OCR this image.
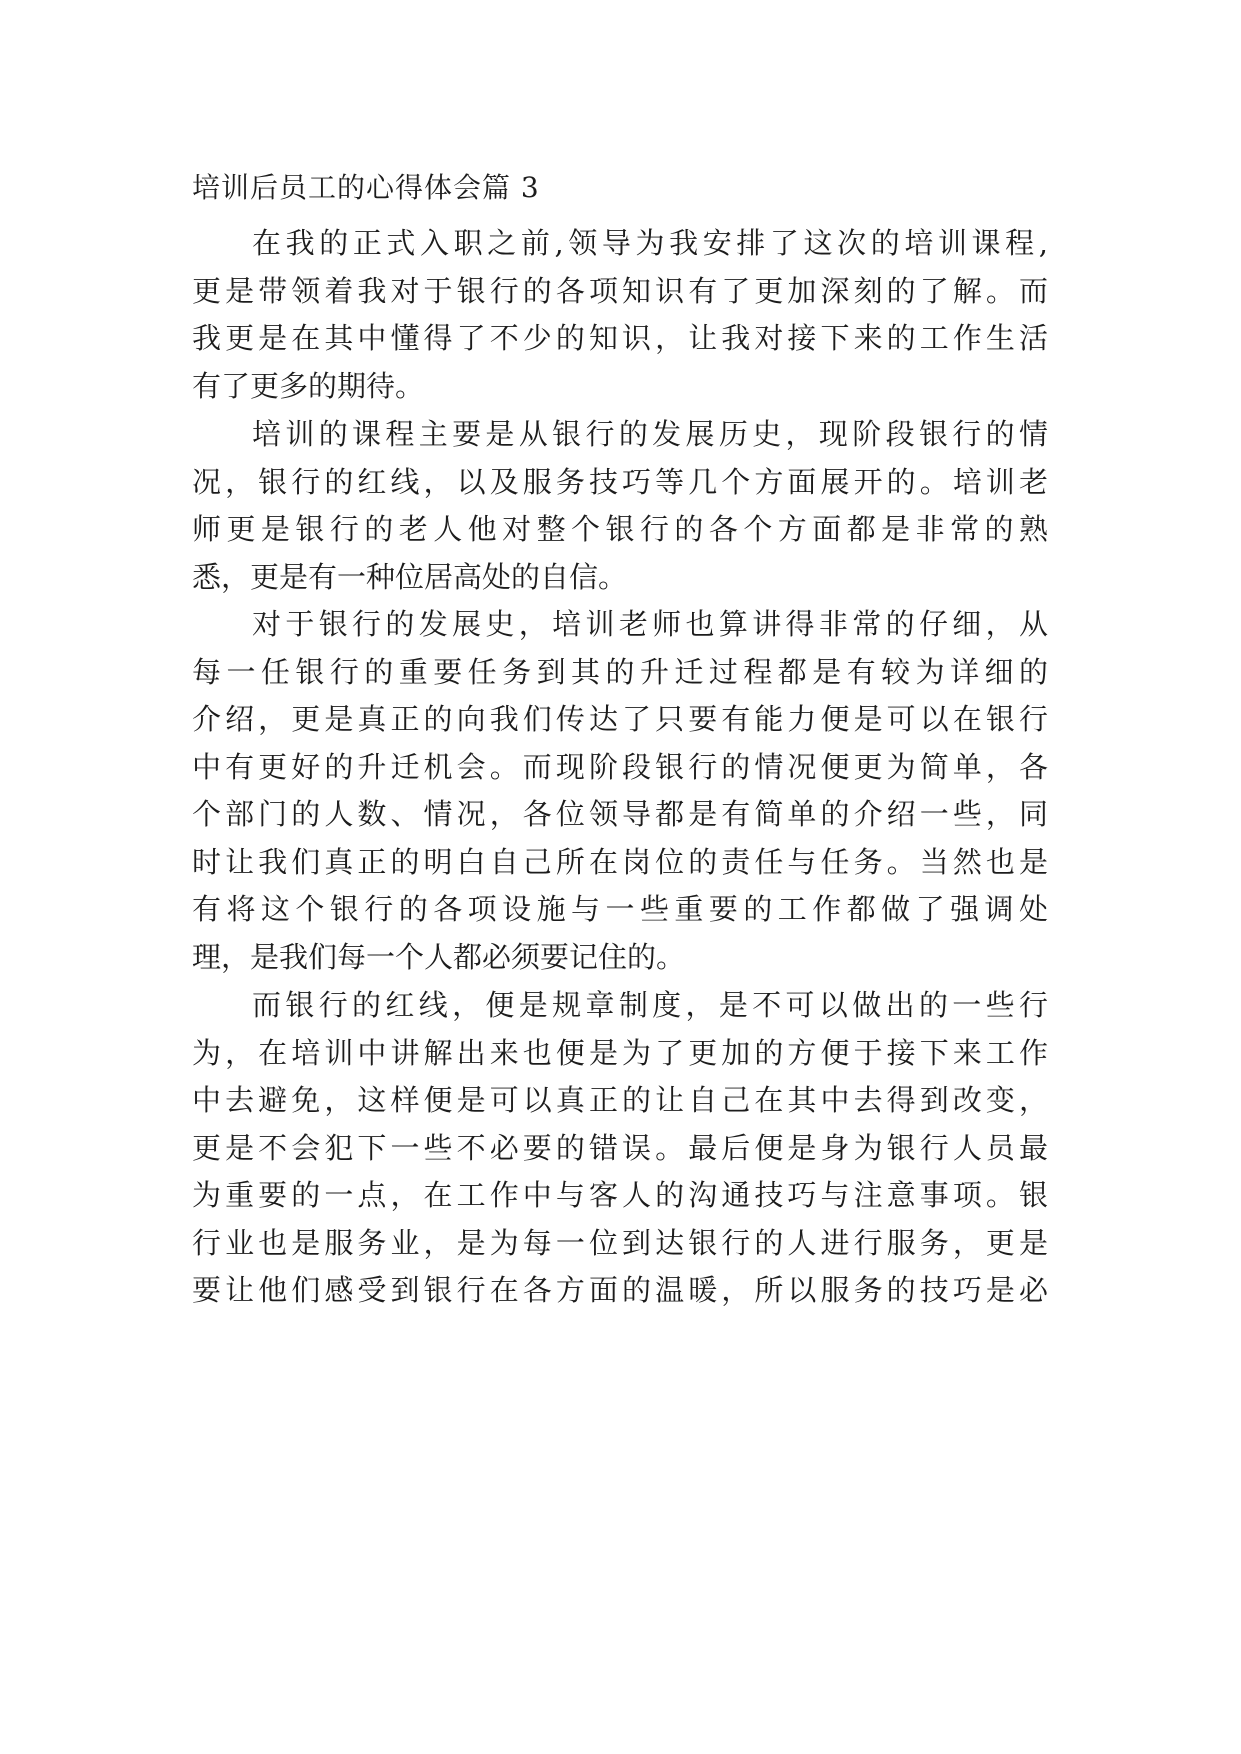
培训后员工的心得体会篇 3
在我的正式入职之前,领导为我安排了这次的培训课程,
更是带领着我对于银行的各项知识有了更加深刻的了解。而
我更是在其中懂得了不少的知识，让我对接下来的工作生活
有了更多的期待。
培训的课程主要是从银行的发展历史，现阶段银行的情
况，银行的红线，以及服务技巧等几个方面展开的。培训老
师更是银行的老人他对整个银行的各个方面都是非常的熟
悉，更是有一种位居高处的自信。
对于银行的发展史，培训老师也算讲得非常的仔细，从
每一任银行的重要任务到其的升迁过程都是有较为详细的
介绍，更是真正的向我们传达了只要有能力便是可以在银行
中有更好的升迁机会。而现阶段银行的情况便更为简单，各
个部门的人数、情况，各位领导都是有简单的介绍一些，同
时让我们真正的明白自己所在岗位的责任与任务。当然也是
有将这个银行的各项设施与一些重要的工作都做了强调处
理，是我们每一个人都必须要记住的。
而银行的红线，便是规章制度，是不可以做出的一些行
为，在培训中讲解出来也便是为了更加的方便于接下来工作
中去避免，这样便是可以真正的让自己在其中去得到改变，
更是不会犯下一些不必要的错误。最后便是身为银行人员最
为重要的一点，在工作中与客人的沟通技巧与注意事项。银
行业也是服务业，是为每一位到达银行的人进行服务，更是
要让他们感受到银行在各方面的温暖，所以服务的技巧是必
